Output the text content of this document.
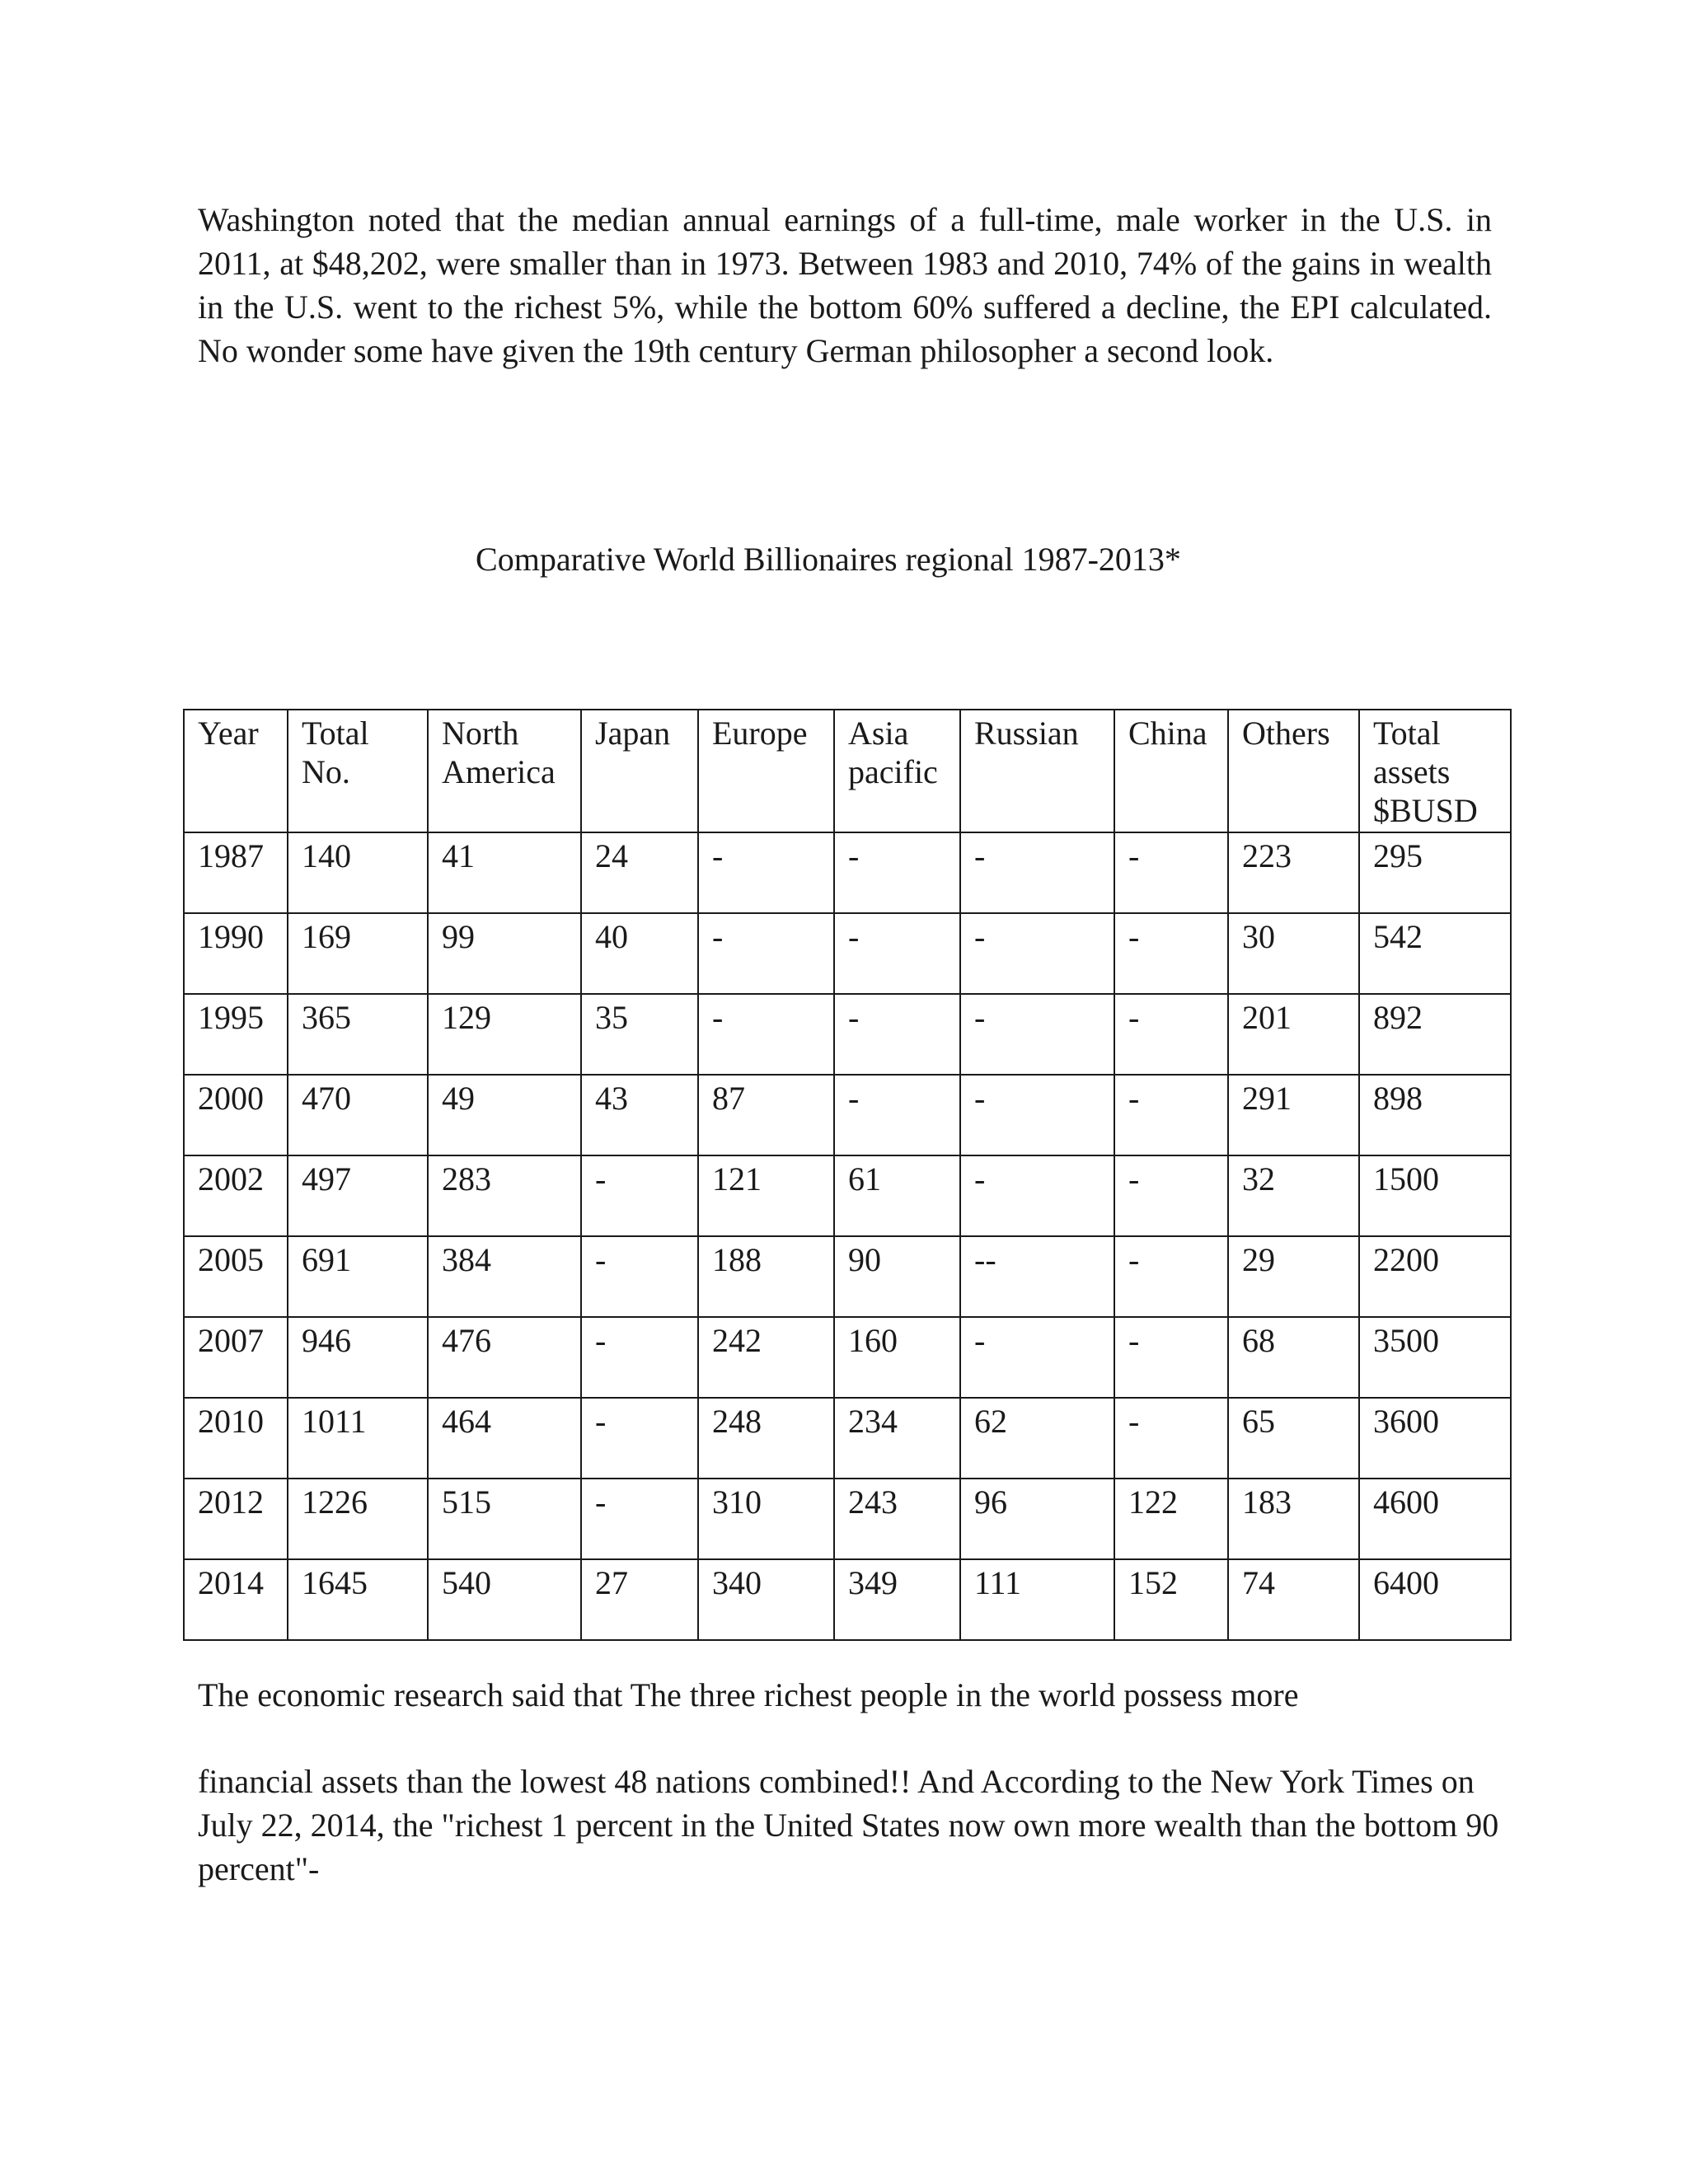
Washington noted that the median annual earnings of a full-time, male worker in the U.S. in 2011, at $48,202, were smaller than in 1973. Between 1983 and 2010, 74% of the gains in wealth in the U.S. went to the richest 5%, while the bottom 60% suffered a decline, the EPI calculated. No wonder some have given the 19th century German philosopher a second look.

Comparative World Billionaires regional 1987-2013*

Year	Total No.	North America	Japan	Europe	Asia pacific	Russian	China	Others	Total assets $BUSD
1987	140	41	24	-	-	-	-	223	295
1990	169	99	40	-	-	-	-	30	542
1995	365	129	35	-	-	-	-	201	892
2000	470	49	43	87	-	-	-	291	898
2002	497	283	-	121	61	-	-	32	1500
2005	691	384	-	188	90	--	-	29	2200
2007	946	476	-	242	160	-	-	68	3500
2010	1011	464	-	248	234	62	-	65	3600
2012	1226	515	-	310	243	96	122	183	4600
2014	1645	540	27	340	349	111	152	74	6400

The economic research said that The three richest people in the world possess more

financial assets than the lowest 48 nations combined!! And According to the New York Times on July 22, 2014, the "richest 1 percent in the United States now own more wealth than the bottom 90 percent"-
